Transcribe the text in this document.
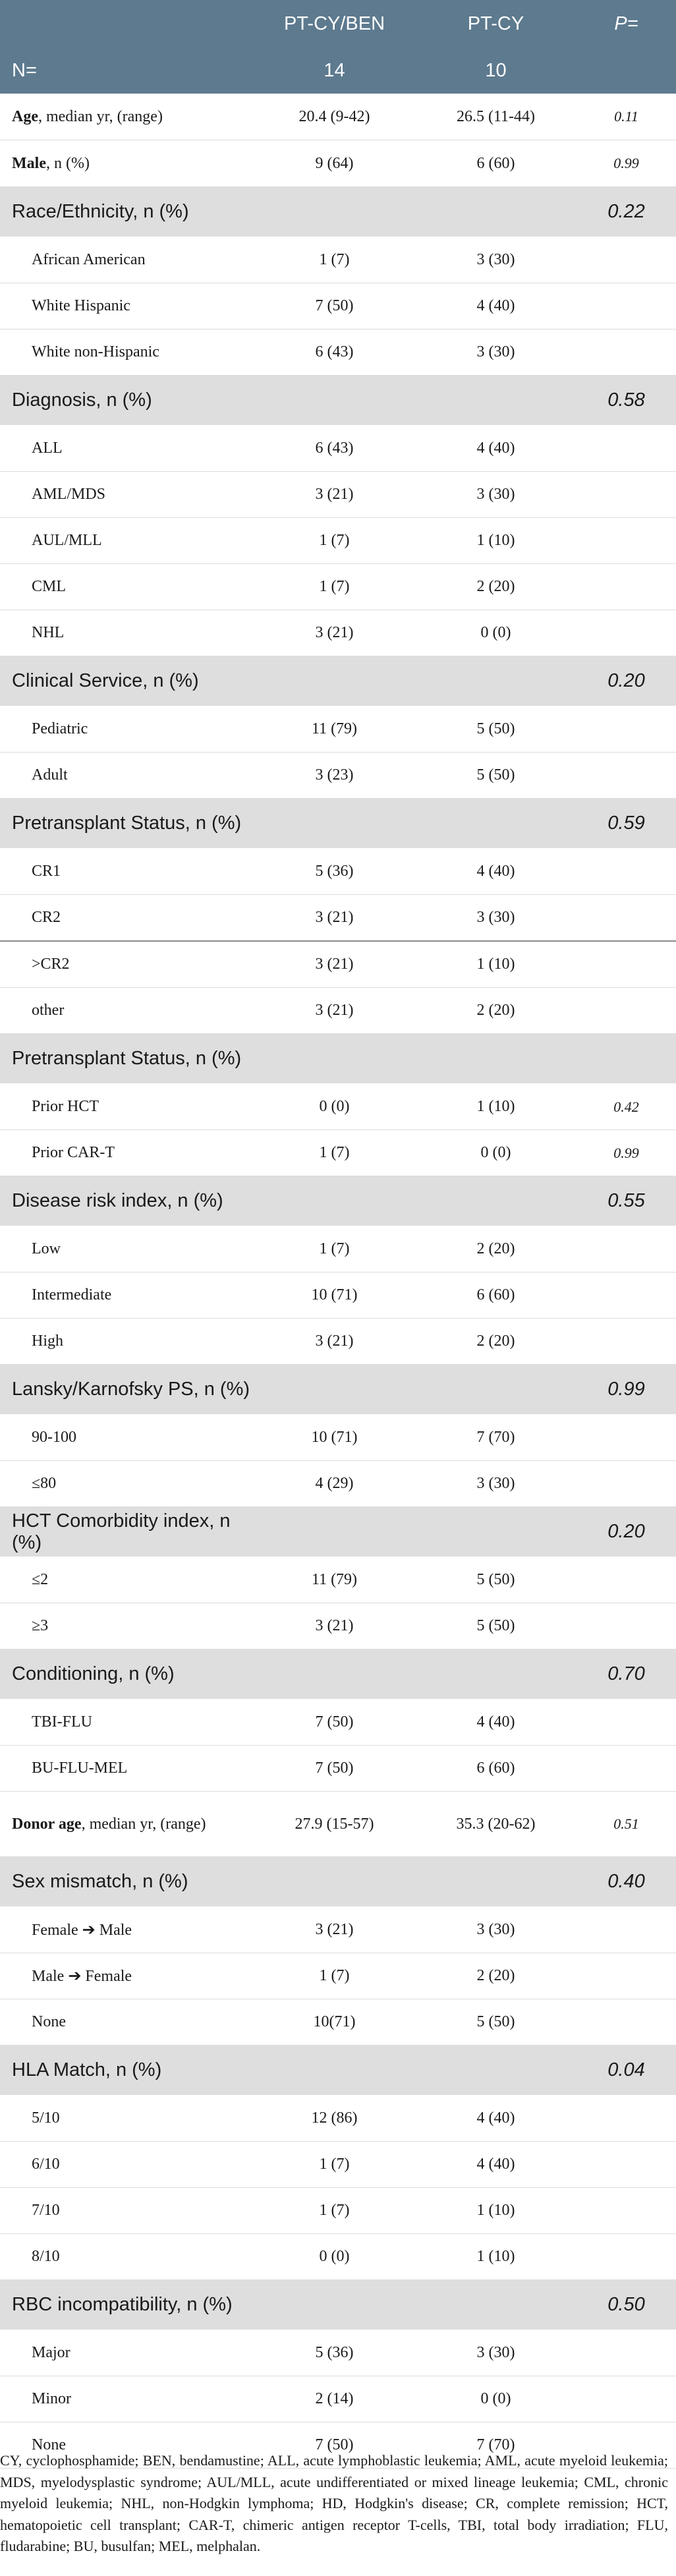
	PT-CY/BEN	PT-CY	P=
N=	14	10	
Age, median yr, (range)	20.4 (9-42)	26.5 (11-44)	0.11
Male, n (%)	9 (64)	6 (60)	0.99
Race/Ethnicity, n (%)			0.22
African American	1 (7)	3 (30)	
White Hispanic	7 (50)	4 (40)	
White non-Hispanic	6 (43)	3 (30)	
Diagnosis, n (%)			0.58
ALL	6 (43)	4 (40)	
AML/MDS	3 (21)	3 (30)	
AUL/MLL	1 (7)	1 (10)	
CML	1 (7)	2 (20)	
NHL	3 (21)	0 (0)	
Clinical Service, n (%)			0.20
Pediatric	11 (79)	5 (50)	
Adult	3 (23)	5 (50)	
Pretransplant Status, n (%)			0.59
CR1	5 (36)	4 (40)	
CR2	3 (21)	3 (30)	
>CR2	3 (21)	1 (10)	
other	3 (21)	2 (20)	
Pretransplant Status, n (%)			
Prior HCT	0 (0)	1 (10)	0.42
Prior CAR-T	1 (7)	0 (0)	0.99
Disease risk index, n (%)			0.55
Low	1 (7)	2 (20)	
Intermediate	10 (71)	6 (60)	
High	3 (21)	2 (20)	
Lansky/Karnofsky PS, n (%)			0.99
90-100	10 (71)	7 (70)	
≤80	4 (29)	3 (30)	
HCT Comorbidity index, n (%)			0.20
≤2	11 (79)	5 (50)	
≥3	3 (21)	5 (50)	
Conditioning, n (%)			0.70
TBI-FLU	7 (50)	4 (40)	
BU-FLU-MEL	7 (50)	6 (60)	
Donor age, median yr, (range)	27.9 (15-57)	35.3 (20-62)	0.51
Sex mismatch, n (%)			0.40
Female ➔ Male	3 (21)	3 (30)	
Male ➔ Female	1 (7)	2 (20)	
None	10(71)	5 (50)	
HLA Match, n (%)			0.04
5/10	12 (86)	4 (40)	
6/10	1 (7)	4 (40)	
7/10	1 (7)	1 (10)	
8/10	0 (0)	1 (10)	
RBC incompatibility, n (%)			0.50
Major	5 (36)	3 (30)	
Minor	2 (14)	0 (0)	
None	7 (50)	7 (70)	
CY, cyclophosphamide; BEN, bendamustine; ALL, acute lymphoblastic leukemia; AML, acute myeloid leukemia; MDS, myelodysplastic syndrome; AUL/MLL, acute undifferentiated or mixed lineage leukemia; CML, chronic myeloid leukemia; NHL, non-Hodgkin lymphoma; HD, Hodgkin's disease; CR, complete remission; HCT, hematopoietic cell transplant; CAR-T, chimeric antigen receptor T-cells, TBI, total body irradiation; FLU, fludarabine; BU, busulfan; MEL, melphalan.
